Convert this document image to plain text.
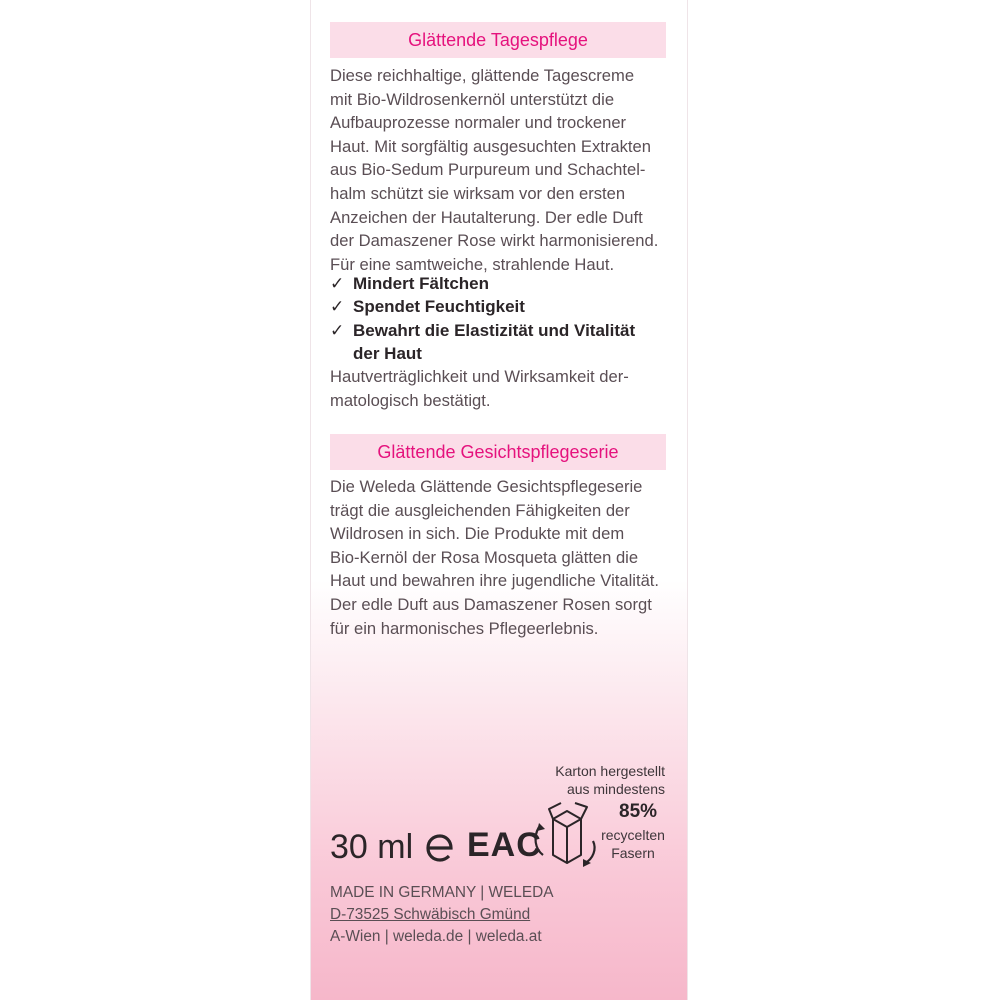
Glättende Tagespflege
Diese reichhaltige, glättende Tagescreme
mit Bio-Wildrosenkernöl unterstützt die
Aufbauprozesse normaler und trockener
Haut. Mit sorgfältig ausgesuchten Extrakten
aus Bio-Sedum Purpureum und Schachtel-
halm schützt sie wirksam vor den ersten
Anzeichen der Hautalterung. Der edle Duft
der Damaszener Rose wirkt harmonisierend.
Für eine samtweiche, strahlende Haut.
✓ Mindert Fältchen
✓ Spendet Feuchtigkeit
✓ Bewahrt die Elastizität und Vitalität
der Haut
Hautverträglichkeit und Wirksamkeit der-
matologisch bestätigt.
Glättende Gesichtspflegeserie
Die Weleda Glättende Gesichtspflegeserie
trägt die ausgleichenden Fähigkeiten der
Wildrosen in sich. Die Produkte mit dem
Bio-Kernöl der Rosa Mosqueta glätten die
Haut und bewahren ihre jugendliche Vitalität.
Der edle Duft aus Damaszener Rosen sorgt
für ein harmonisches Pflegeerlebnis.
Karton hergestellt
aus mindestens
85%
recycelten
Fasern
30 ml EAC
MADE IN GERMANY | WELEDA
D-73525 Schwäbisch Gmünd
A-Wien | weleda.de | weleda.at
